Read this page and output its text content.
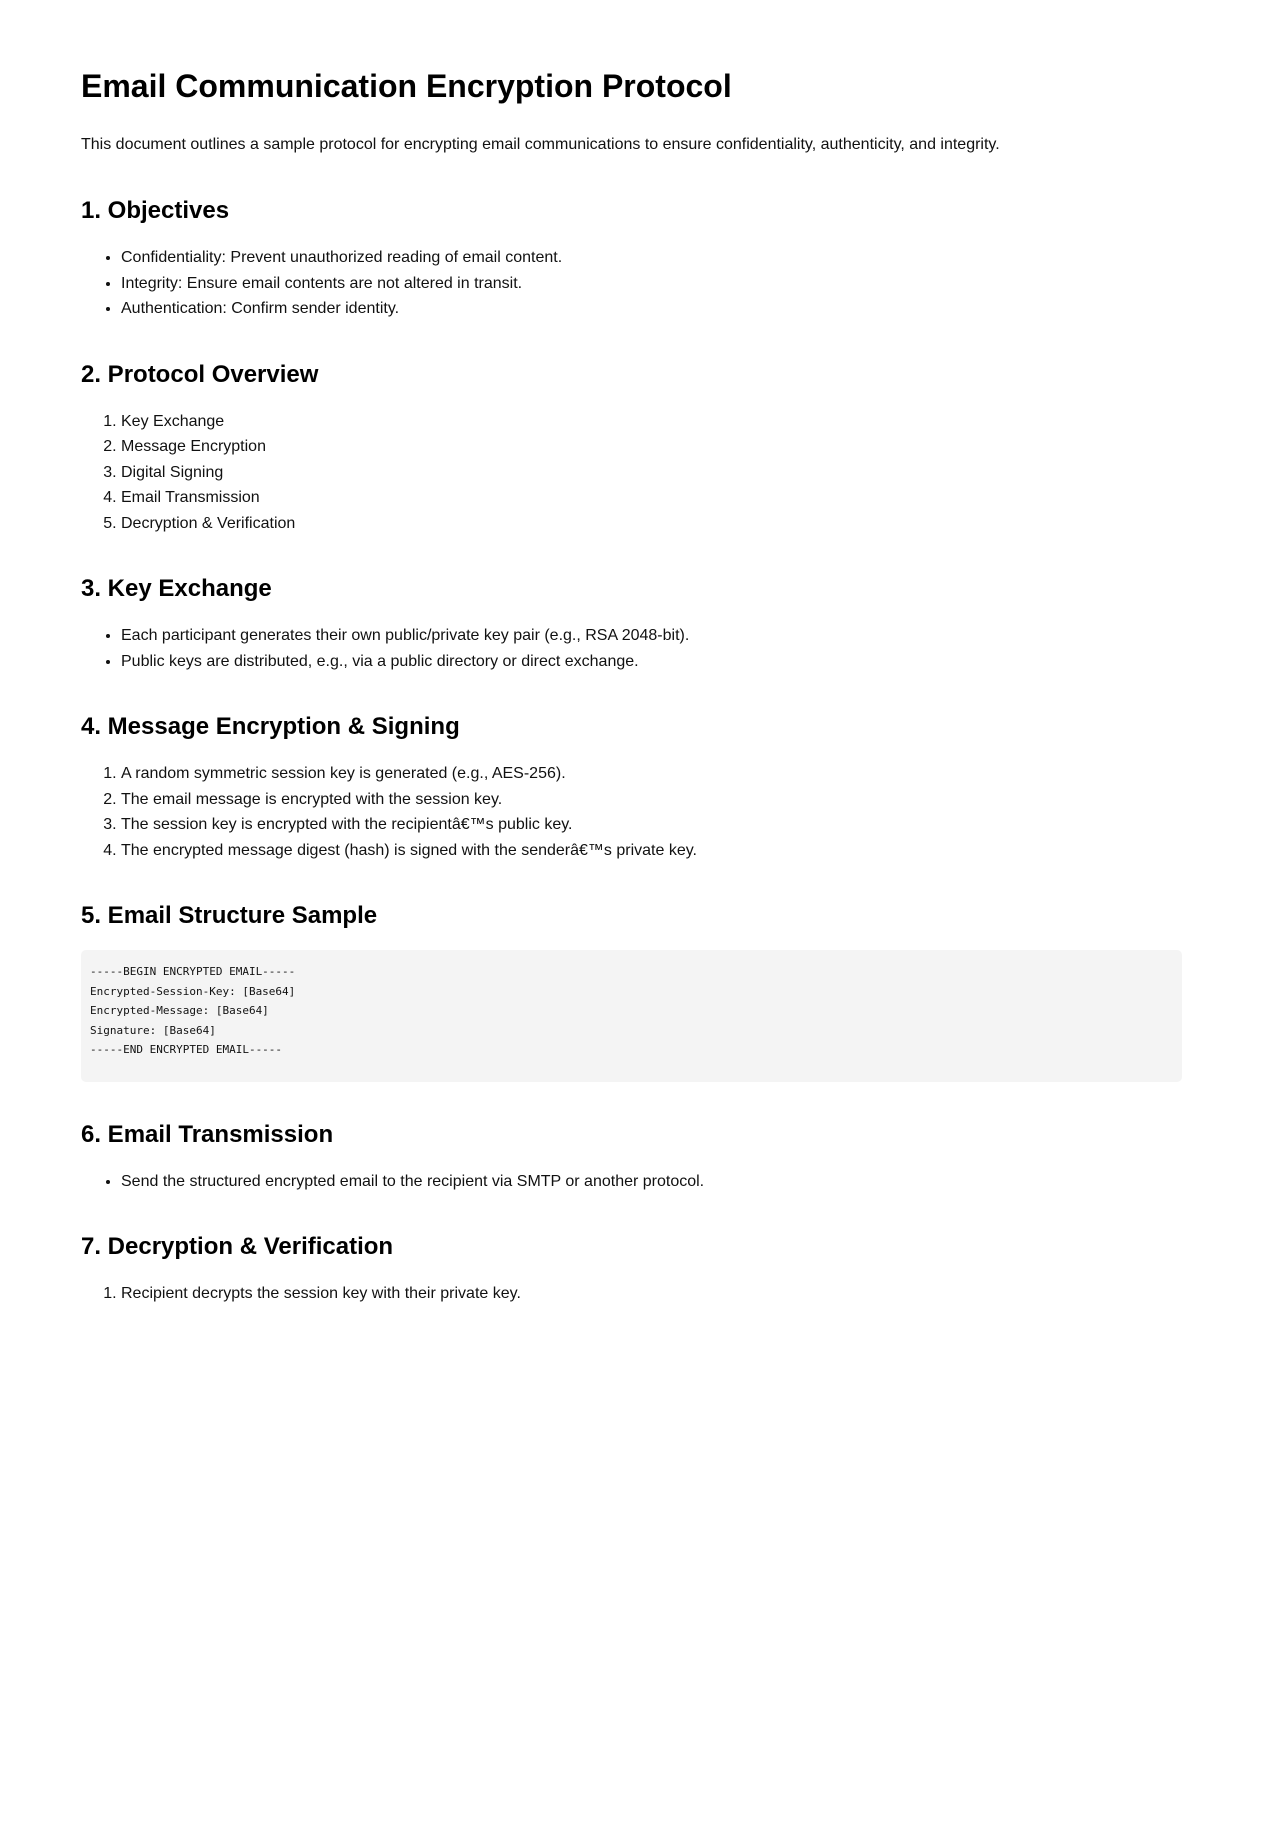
Email Communication Encryption Protocol

This document outlines a sample protocol for encrypting email communications to ensure confidentiality, authenticity, and integrity.

1. Objectives
• Confidentiality: Prevent unauthorized reading of email content.
• Integrity: Ensure email contents are not altered in transit.
• Authentication: Confirm sender identity.
2. Protocol Overview
1. Key Exchange
2. Message Encryption
3. Digital Signing
4. Email Transmission
5. Decryption & Verification
3. Key Exchange
• Each participant generates their own public/private key pair (e.g., RSA 2048-bit).
• Public keys are distributed, e.g., via a public directory or direct exchange.
4. Message Encryption & Signing
1. A random symmetric session key is generated (e.g., AES-256).
2. The email message is encrypted with the session key.
3. The session key is encrypted with the recipientâ€™s public key.
4. The encrypted message digest (hash) is signed with the senderâ€™s private key.
5. Email Structure Sample
-----BEGIN ENCRYPTED EMAIL-----
Encrypted-Session-Key: [Base64]
Encrypted-Message: [Base64]
Signature: [Base64]
-----END ENCRYPTED EMAIL-----
6. Email Transmission
• Send the structured encrypted email to the recipient via SMTP or another protocol.
7. Decryption & Verification
1. Recipient decrypts the session key with their private key.
